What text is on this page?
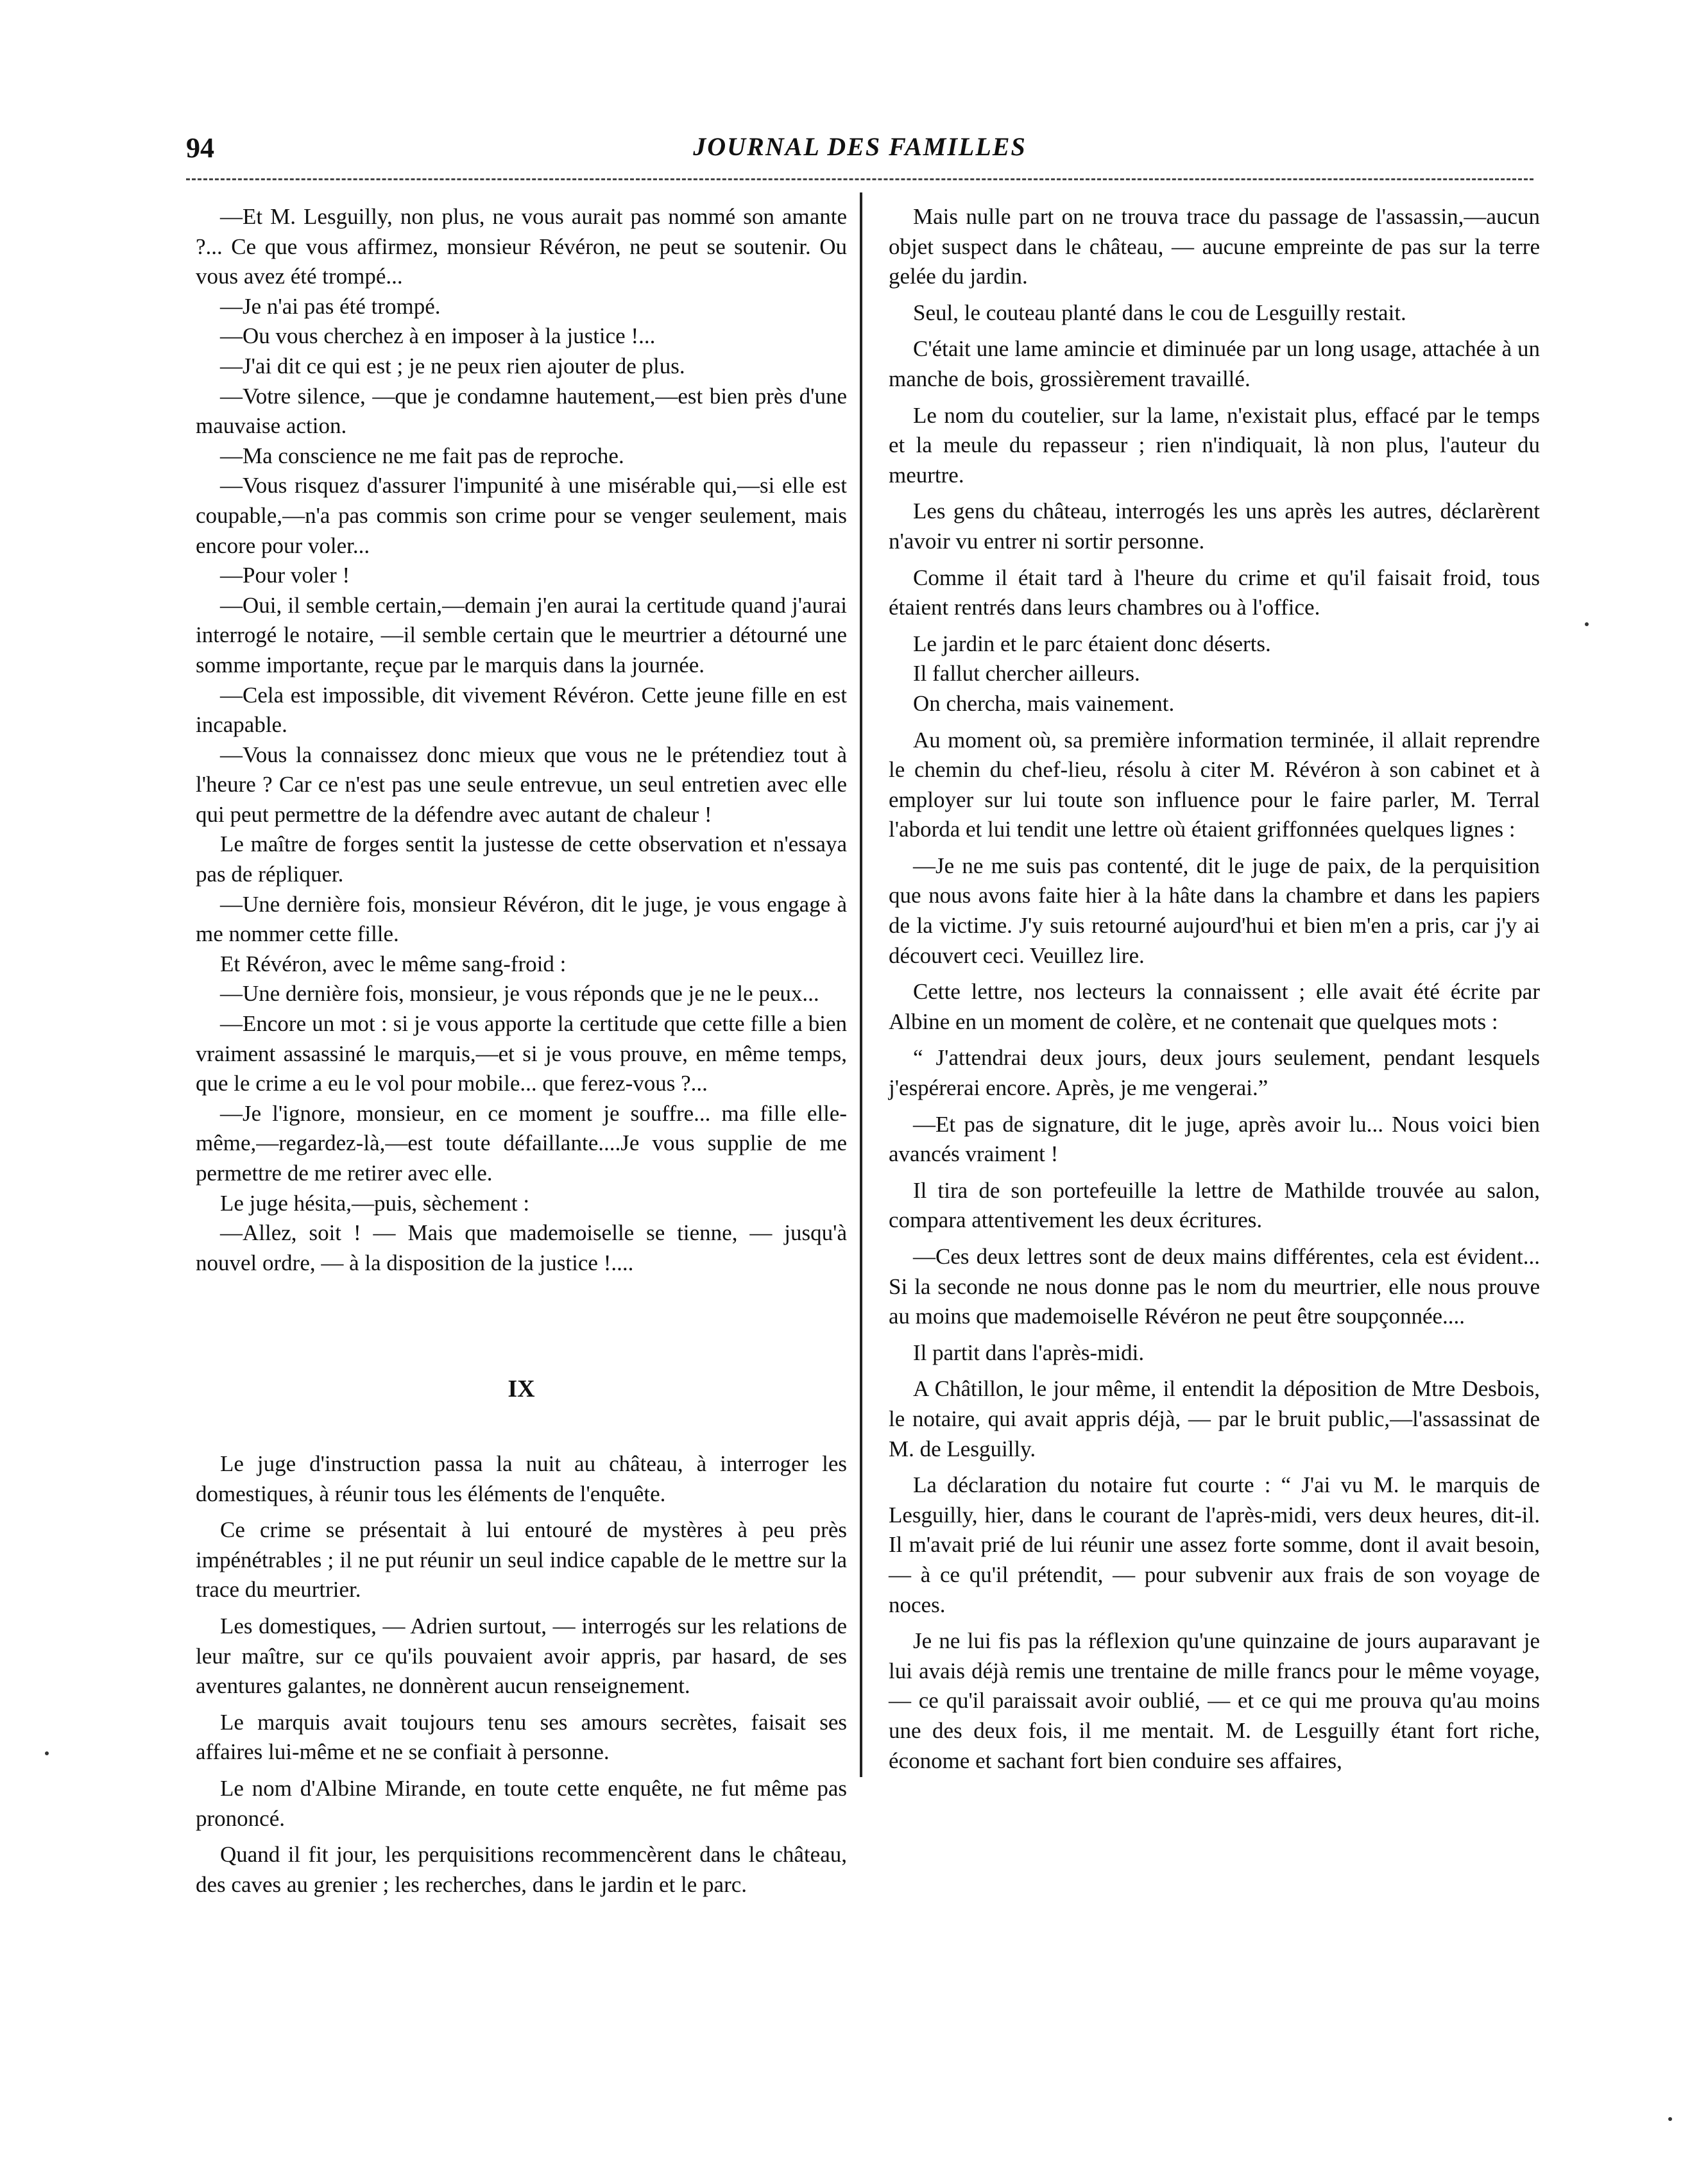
94	JOURNAL DES FAMILLES

—Et M. Lesguilly, non plus, ne vous aurait pas nommé son amante ?... Ce que vous affirmez, monsieur Révéron, ne peut se soutenir. Ou vous avez été trompé...

—Je n'ai pas été trompé.

—Ou vous cherchez à en imposer à la justice !...

—J'ai dit ce qui est ; je ne peux rien ajouter de plus.

—Votre silence, —que je condamne hautement,—est bien près d'une mauvaise action.

—Ma conscience ne me fait pas de reproche.

—Vous risquez d'assurer l'impunité à une misérable qui,—si elle est coupable,—n'a pas commis son crime pour se venger seulement, mais encore pour voler...

—Pour voler !

—Oui, il semble certain,—demain j'en aurai la certitude quand j'aurai interrogé le notaire, —il semble certain que le meurtrier a détourné une somme importante, reçue par le marquis dans la journée.

—Cela est impossible, dit vivement Révéron. Cette jeune fille en est incapable.

—Vous la connaissez donc mieux que vous ne le prétendiez tout à l'heure ? Car ce n'est pas une seule entrevue, un seul entretien avec elle qui peut permettre de la défendre avec autant de chaleur !

Le maître de forges sentit la justesse de cette observation et n'essaya pas de répliquer.

—Une dernière fois, monsieur Révéron, dit le juge, je vous engage à me nommer cette fille.

Et Révéron, avec le même sang-froid :

—Une dernière fois, monsieur, je vous réponds que je ne le peux...

—Encore un mot : si je vous apporte la certitude que cette fille a bien vraiment assassiné le marquis,—et si je vous prouve, en même temps, que le crime a eu le vol pour mobile... que ferez-vous ?...

—Je l'ignore, monsieur, en ce moment je souffre... ma fille elle-même,—regardez-là,—est toute défaillante....Je vous supplie de me permettre de me retirer avec elle.

Le juge hésita,—puis, sèchement :

—Allez, soit ! — Mais que mademoiselle se tienne, — jusqu'à nouvel ordre, — à la disposition de la justice !....

IX

Le juge d'instruction passa la nuit au château, à interroger les domestiques, à réunir tous les éléments de l'enquête.

Ce crime se présentait à lui entouré de mystères à peu près impénétrables ; il ne put réunir un seul indice capable de le mettre sur la trace du meurtrier.

Les domestiques, — Adrien surtout, — interrogés sur les relations de leur maître, sur ce qu'ils pouvaient avoir appris, par hasard, de ses aventures galantes, ne donnèrent aucun renseignement.

Le marquis avait toujours tenu ses amours secrètes, faisait ses affaires lui-même et ne se confiait à personne.

Le nom d'Albine Mirande, en toute cette enquête, ne fut même pas prononcé.

Quand il fit jour, les perquisitions recommencèrent dans le château, des caves au grenier ; les recherches, dans le jardin et le parc.

Mais nulle part on ne trouva trace du passage de l'assassin,—aucun objet suspect dans le château, — aucune empreinte de pas sur la terre gelée du jardin.

Seul, le couteau planté dans le cou de Lesguilly restait.

C'était une lame amincie et diminuée par un long usage, attachée à un manche de bois, grossièrement travaillé.

Le nom du coutelier, sur la lame, n'existait plus, effacé par le temps et la meule du repasseur ; rien n'indiquait, là non plus, l'auteur du meurtre.

Les gens du château, interrogés les uns après les autres, déclarèrent n'avoir vu entrer ni sortir personne.

Comme il était tard à l'heure du crime et qu'il faisait froid, tous étaient rentrés dans leurs chambres ou à l'office.

Le jardin et le parc étaient donc déserts.

Il fallut chercher ailleurs.

On chercha, mais vainement.

Au moment où, sa première information terminée, il allait reprendre le chemin du chef-lieu, résolu à citer M. Révéron à son cabinet et à employer sur lui toute son influence pour le faire parler, M. Terral l'aborda et lui tendit une lettre où étaient griffonnées quelques lignes :

—Je ne me suis pas contenté, dit le juge de paix, de la perquisition que nous avons faite hier à la hâte dans la chambre et dans les papiers de la victime. J'y suis retourné aujourd'hui et bien m'en a pris, car j'y ai découvert ceci. Veuillez lire.

Cette lettre, nos lecteurs la connaissent ; elle avait été écrite par Albine en un moment de colère, et ne contenait que quelques mots :

“ J'attendrai deux jours, deux jours seulement, pendant lesquels j'espérerai encore. Après, je me vengerai.”

—Et pas de signature, dit le juge, après avoir lu... Nous voici bien avancés vraiment !

Il tira de son portefeuille la lettre de Mathilde trouvée au salon, compara attentivement les deux écritures.

—Ces deux lettres sont de deux mains différentes, cela est évident... Si la seconde ne nous donne pas le nom du meurtrier, elle nous prouve au moins que mademoiselle Révéron ne peut être soupçonnée....

Il partit dans l'après-midi.

A Châtillon, le jour même, il entendit la déposition de Mtre Desbois, le notaire, qui avait appris déjà, — par le bruit public,—l'assassinat de M. de Lesguilly.

La déclaration du notaire fut courte : “ J'ai vu M. le marquis de Lesguilly, hier, dans le courant de l'après-midi, vers deux heures, dit-il. Il m'avait prié de lui réunir une assez forte somme, dont il avait besoin, — à ce qu'il prétendit, — pour subvenir aux frais de son voyage de noces.

Je ne lui fis pas la réflexion qu'une quinzaine de jours auparavant je lui avais déjà remis une trentaine de mille francs pour le même voyage, — ce qu'il paraissait avoir oublié, — et ce qui me prouva qu'au moins une des deux fois, il me mentait. M. de Lesguilly étant fort riche, économe et sachant fort bien conduire ses affaires,
